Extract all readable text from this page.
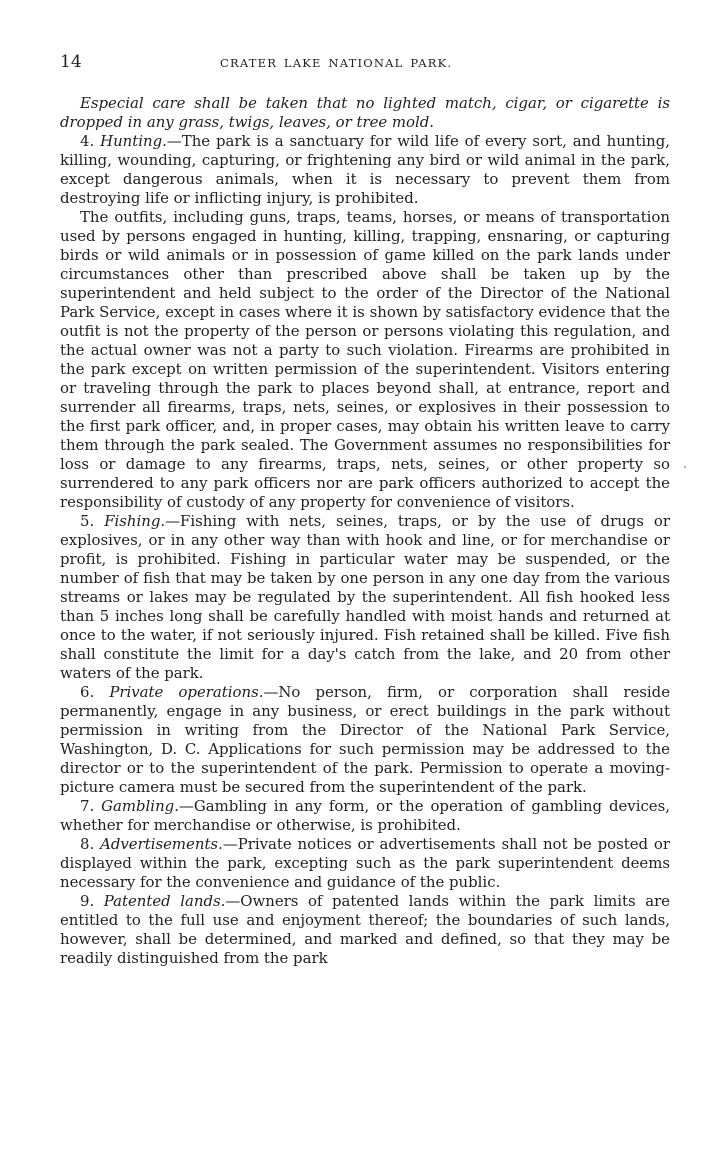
14	CRATER LAKE NATIONAL PARK.

Especial care shall be taken that no lighted match, cigar, or cigarette is dropped in any grass, twigs, leaves, or tree mold.

4. Hunting.—The park is a sanctuary for wild life of every sort, and hunting, killing, wounding, capturing, or frightening any bird or wild animal in the park, except dangerous animals, when it is necessary to prevent them from destroying life or inflicting injury, is prohibited.

The outfits, including guns, traps, teams, horses, or means of transportation used by persons engaged in hunting, killing, trapping, ensnaring, or capturing birds or wild animals or in possession of game killed on the park lands under circumstances other than prescribed above shall be taken up by the superintendent and held subject to the order of the Director of the National Park Service, except in cases where it is shown by satisfactory evidence that the outfit is not the property of the person or persons violating this regulation, and the actual owner was not a party to such violation. Firearms are prohibited in the park except on written permission of the superintendent. Visitors entering or traveling through the park to places beyond shall, at entrance, report and surrender all firearms, traps, nets, seines, or explosives in their possession to the first park officer, and, in proper cases, may obtain his written leave to carry them through the park sealed. The Government assumes no responsibilities for loss or damage to any firearms, traps, nets, seines, or other property so surrendered to any park officers nor are park officers authorized to accept the responsibility of custody of any property for convenience of visitors.

5. Fishing.—Fishing with nets, seines, traps, or by the use of drugs or explosives, or in any other way than with hook and line, or for merchandise or profit, is prohibited. Fishing in particular water may be suspended, or the number of fish that may be taken by one person in any one day from the various streams or lakes may be regulated by the superintendent. All fish hooked less than 5 inches long shall be carefully handled with moist hands and returned at once to the water, if not seriously injured. Fish retained shall be killed. Five fish shall constitute the limit for a day's catch from the lake, and 20 from other waters of the park.

6. Private operations.—No person, firm, or corporation shall reside permanently, engage in any business, or erect buildings in the park without permission in writing from the Director of the National Park Service, Washington, D. C. Applications for such permission may be addressed to the director or to the superintendent of the park. Permission to operate a moving-picture camera must be secured from the superintendent of the park.

7. Gambling.—Gambling in any form, or the operation of gambling devices, whether for merchandise or otherwise, is prohibited.

8. Advertisements.—Private notices or advertisements shall not be posted or displayed within the park, excepting such as the park superintendent deems necessary for the convenience and guidance of the public.

9. Patented lands.—Owners of patented lands within the park limits are entitled to the full use and enjoyment thereof; the boundaries of such lands, however, shall be determined, and marked and defined, so that they may be readily distinguished from the park
